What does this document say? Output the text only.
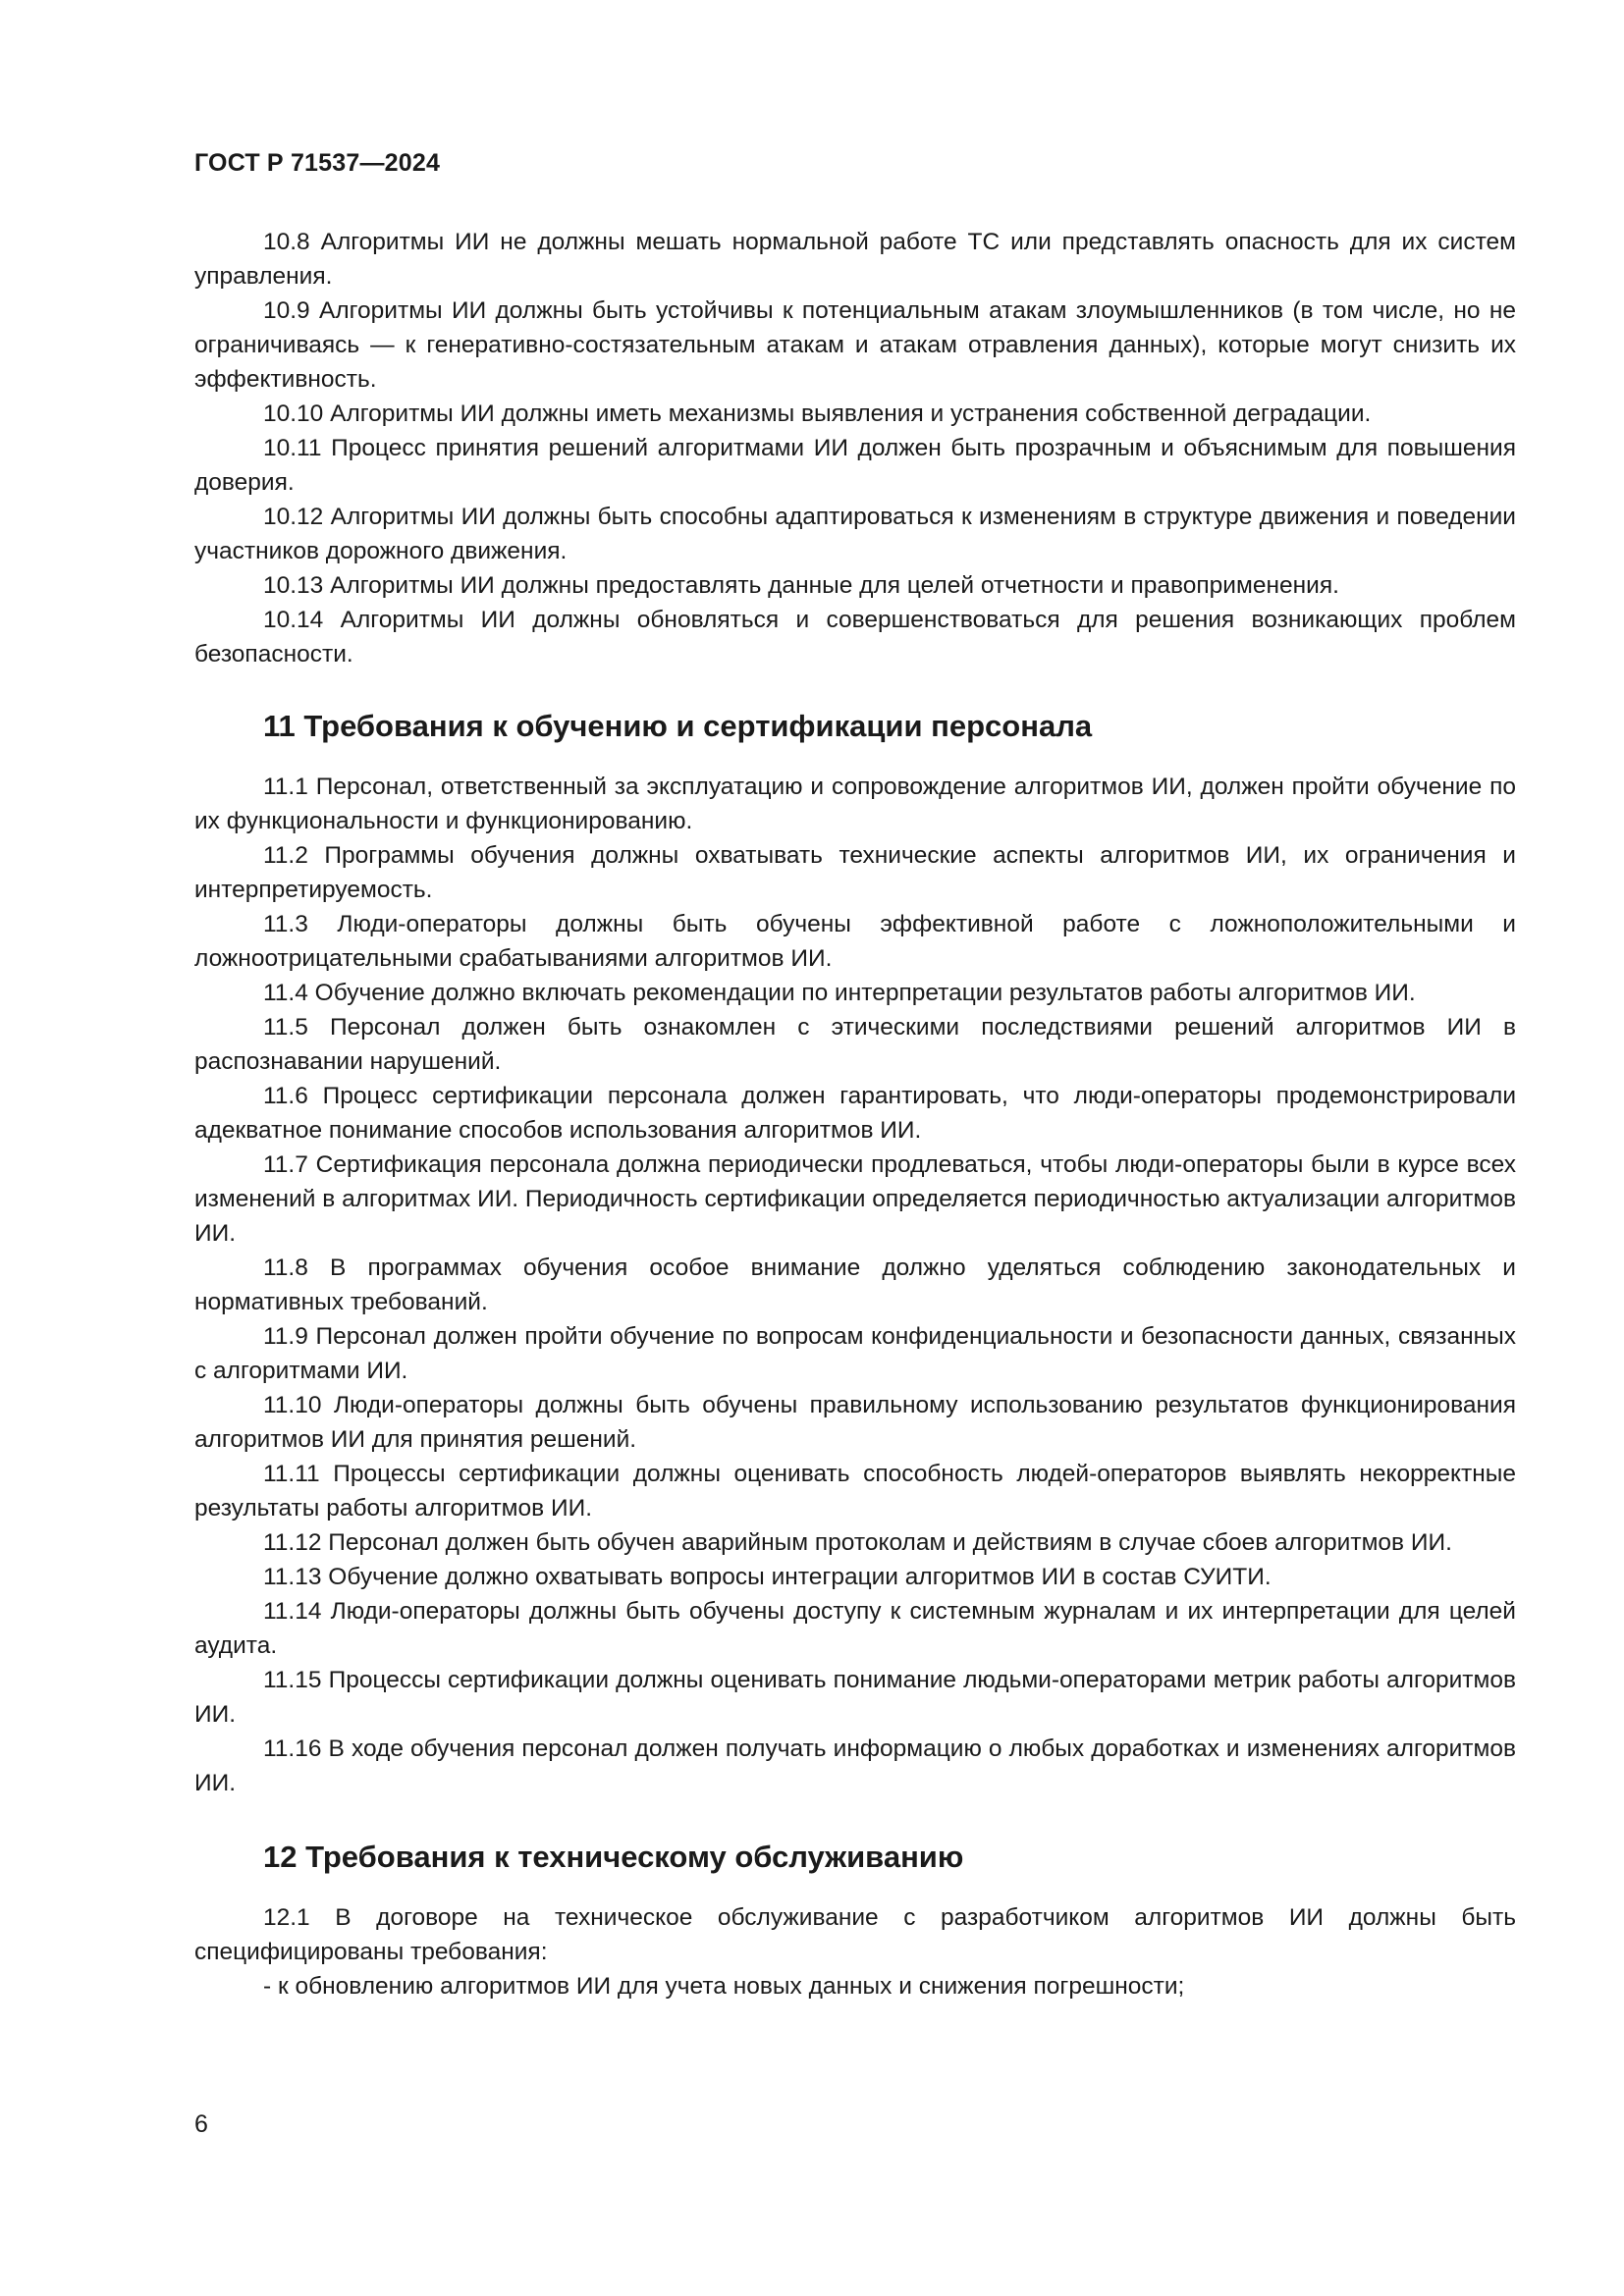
ГОСТ Р 71537—2024

10.8 Алгоритмы ИИ не должны мешать нормальной работе ТС или представлять опасность для их систем управления.

10.9 Алгоритмы ИИ должны быть устойчивы к потенциальным атакам злоумышленников (в том числе, но не ограничиваясь — к генеративно-состязательным атакам и атакам отравления данных), которые могут снизить их эффективность.

10.10 Алгоритмы ИИ должны иметь механизмы выявления и устранения собственной деградации.

10.11 Процесс принятия решений алгоритмами ИИ должен быть прозрачным и объяснимым для повышения доверия.

10.12 Алгоритмы ИИ должны быть способны адаптироваться к изменениям в структуре движения и поведении участников дорожного движения.

10.13 Алгоритмы ИИ должны предоставлять данные для целей отчетности и правоприменения.

10.14 Алгоритмы ИИ должны обновляться и совершенствоваться для решения возникающих проблем безопасности.

11 Требования к обучению и сертификации персонала

11.1 Персонал, ответственный за эксплуатацию и сопровождение алгоритмов ИИ, должен пройти обучение по их функциональности и функционированию.

11.2 Программы обучения должны охватывать технические аспекты алгоритмов ИИ, их ограничения и интерпретируемость.

11.3 Люди-операторы должны быть обучены эффективной работе с ложноположительными и ложноотрицательными срабатываниями алгоритмов ИИ.

11.4 Обучение должно включать рекомендации по интерпретации результатов работы алгоритмов ИИ.

11.5 Персонал должен быть ознакомлен с этическими последствиями решений алгоритмов ИИ в распознавании нарушений.

11.6 Процесс сертификации персонала должен гарантировать, что люди-операторы продемонстрировали адекватное понимание способов использования алгоритмов ИИ.

11.7 Сертификация персонала должна периодически продлеваться, чтобы люди-операторы были в курсе всех изменений в алгоритмах ИИ. Периодичность сертификации определяется периодичностью актуализации алгоритмов ИИ.

11.8 В программах обучения особое внимание должно уделяться соблюдению законодательных и нормативных требований.

11.9 Персонал должен пройти обучение по вопросам конфиденциальности и безопасности данных, связанных с алгоритмами ИИ.

11.10 Люди-операторы должны быть обучены правильному использованию результатов функционирования алгоритмов ИИ для принятия решений.

11.11 Процессы сертификации должны оценивать способность людей-операторов выявлять некорректные результаты работы алгоритмов ИИ.

11.12 Персонал должен быть обучен аварийным протоколам и действиям в случае сбоев алгоритмов ИИ.

11.13 Обучение должно охватывать вопросы интеграции алгоритмов ИИ в состав СУИТИ.

11.14 Люди-операторы должны быть обучены доступу к системным журналам и их интерпретации для целей аудита.

11.15 Процессы сертификации должны оценивать понимание людьми-операторами метрик работы алгоритмов ИИ.

11.16 В ходе обучения персонал должен получать информацию о любых доработках и изменениях алгоритмов ИИ.

12 Требования к техническому обслуживанию

12.1 В договоре на техническое обслуживание с разработчиком алгоритмов ИИ должны быть специфицированы требования:

- к обновлению алгоритмов ИИ для учета новых данных и снижения погрешности;

6
